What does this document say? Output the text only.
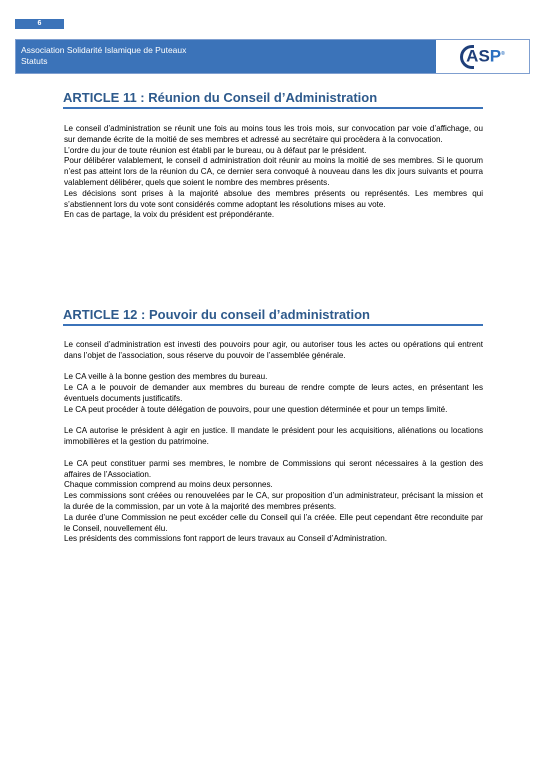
6
Association Solidarité Islamique de Puteaux
Statuts	ASP®
ARTICLE 11 : Réunion du Conseil d’Administration

Le conseil d’administration se réunit une fois au moins tous les trois mois, sur convocation par voie d’affichage, ou sur demande écrite de la moitié de ses membres et adressé au secrétaire qui procèdera à la convocation.

L’ordre du jour de toute réunion est établi par le bureau, ou à défaut par le président.

Pour délibérer valablement, le conseil d administration doit réunir au moins la moitié de ses membres. Si le quorum n’est pas atteint lors de la réunion du CA, ce dernier sera convoqué à nouveau dans les dix jours suivants et pourra valablement délibérer, quels que soient le nombre des membres présents.

Les décisions sont prises à la majorité absolue des membres présents ou représentés. Les membres qui s’abstiennent lors du vote sont considérés comme adoptant les résolutions mises au vote.

En cas de partage, la voix du président est prépondérante.

ARTICLE 12 : Pouvoir du conseil d’administration

Le conseil d’administration est investi des pouvoirs pour agir, ou autoriser tous les actes ou opérations qui entrent dans l’objet de l’association, sous réserve du pouvoir de l’assemblée générale.

Le CA veille à la bonne gestion des membres du bureau.

Le CA a le pouvoir de demander aux membres du bureau de rendre compte de leurs actes, en présentant les éventuels documents justificatifs.

Le CA peut procéder à toute délégation de pouvoirs, pour une question déterminée et pour un temps limité.

Le CA autorise le président à agir en justice. Il mandate le président pour les acquisitions, aliénations ou locations immobilières et la gestion du patrimoine.

Le CA peut constituer parmi ses membres, le nombre de Commissions qui seront nécessaires à la gestion des affaires de l’Association.

Chaque commission comprend au moins deux personnes.

Les commissions sont créées ou renouvelées par le CA, sur proposition d’un administrateur, précisant la mission et la durée de la commission, par un vote à la majorité des membres présents.

La durée d’une Commission ne peut excéder celle du Conseil qui l’a créée. Elle peut cependant être reconduite par le Conseil, nouvellement élu.

Les présidents des commissions font rapport de leurs travaux au Conseil d’Administration.
